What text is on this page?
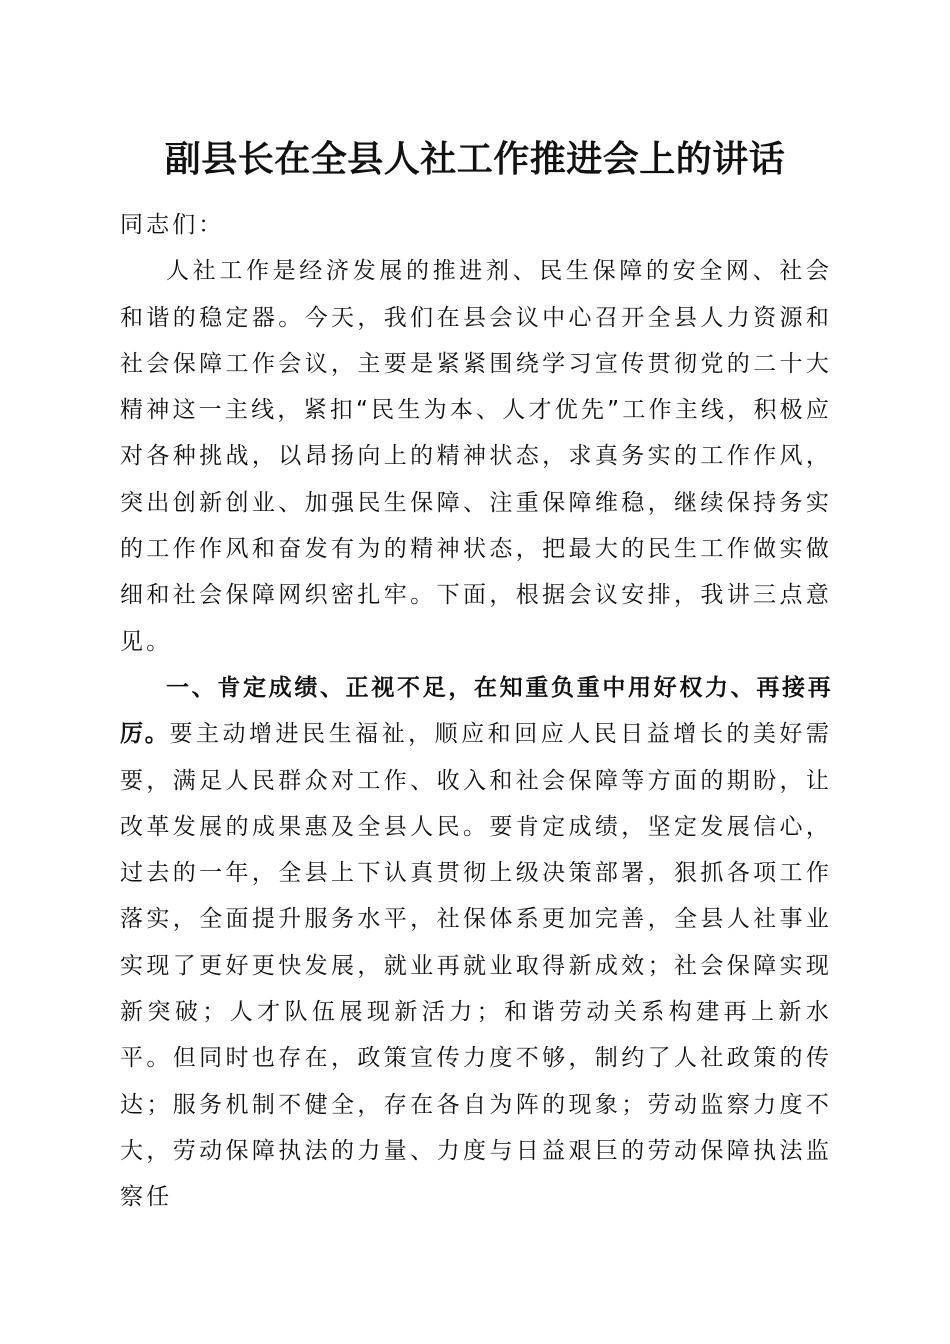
副县长在全县人社工作推进会上的讲话

同志们：

人社工作是经济发展的推进剂、民生保障的安全网、社会和谐的稳定器。今天，我们在县会议中心召开全县人力资源和社会保障工作会议，主要是紧紧围绕学习宣传贯彻党的二十大精神这一主线，紧扣“民生为本、人才优先”工作主线，积极应对各种挑战，以昂扬向上的精神状态，求真务实的工作作风，突出创新创业、加强民生保障、注重保障维稳，继续保持务实的工作作风和奋发有为的精神状态，把最大的民生工作做实做细和社会保障网织密扎牢。下面，根据会议安排，我讲三点意见。

一、肯定成绩、正视不足，在知重负重中用好权力、再接再厉。要主动增进民生福祉，顺应和回应人民日益增长的美好需要，满足人民群众对工作、收入和社会保障等方面的期盼，让改革发展的成果惠及全县人民。要肯定成绩，坚定发展信心，过去的一年，全县上下认真贯彻上级决策部署，狠抓各项工作落实，全面提升服务水平，社保体系更加完善，全县人社事业实现了更好更快发展，就业再就业取得新成效；社会保障实现新突破；人才队伍展现新活力；和谐劳动关系构建再上新水平。但同时也存在，政策宣传力度不够，制约了人社政策的传达；服务机制不健全，存在各自为阵的现象；劳动监察力度不大，劳动保障执法的力量、力度与日益艰巨的劳动保障执法监察任
